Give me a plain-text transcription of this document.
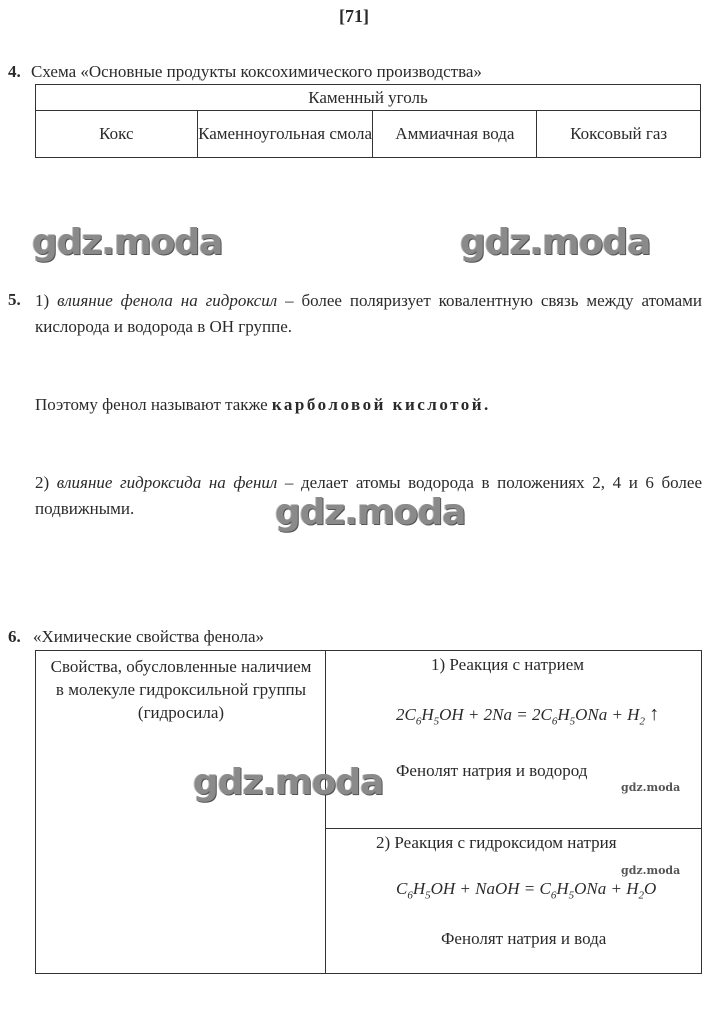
[71]
4. Схема «Основные продукты коксохимического производства»
Каменный уголь
Кокс	Каменноугольная смола	Аммиачная вода	Коксовый газ
gdz.moda	gdz.moda
5. 1) влияние фенола на гидроксил – более поляризует ковалентную связь между атомами кислорода и водорода в ОН группе.
Поэтому фенол называют также карболовой кислотой.
2) влияние гидроксида на фенил – делает атомы водорода в положениях 2, 4 и 6 более подвижными.	gdz.moda
6. «Химические свойства фенола»
Свойства, обусловленные наличием в молекуле гидроксильной группы (гидросила)
1) Реакция с натрием
$2C_6H_5OH + 2Na = 2C_6H_5ONa + H_2$ ↑
Фенолят натрия и водород
gdz.moda
2) Реакция с гидроксидом натрия
gdz.moda
$C_6H_5OH$ + NaOH = $C_6H_5ONa + H_2O$
Фенолят натрия и вода
gdz.moda
